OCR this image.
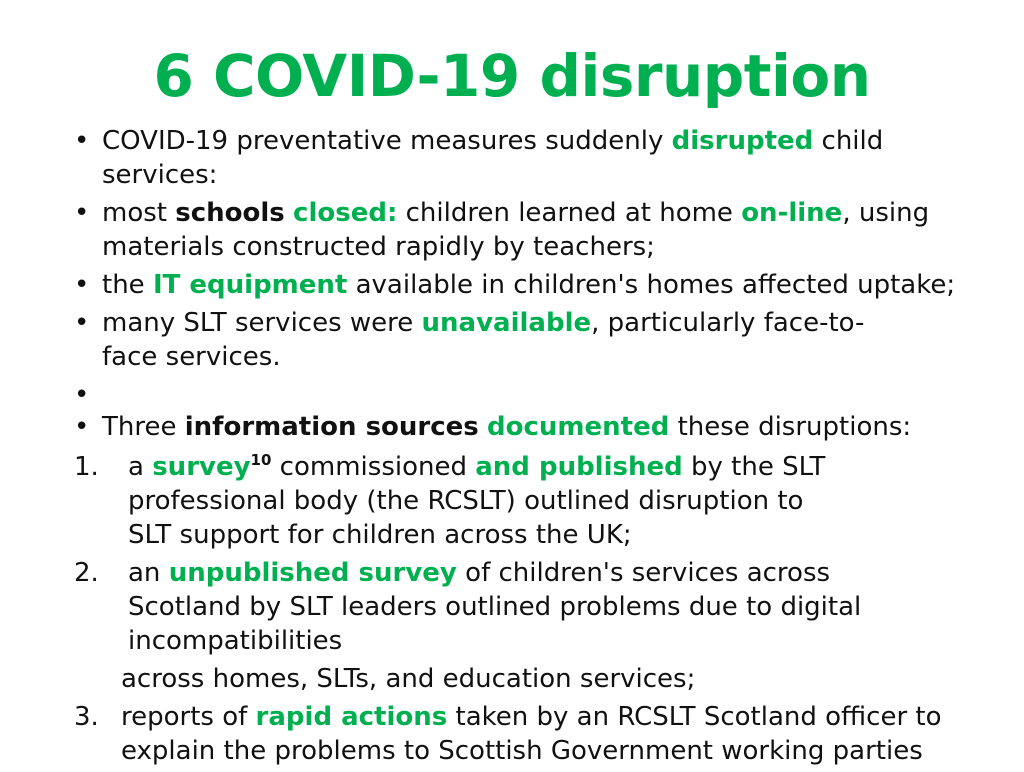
6 COVID-19 disruption
• COVID-19 preventative measures suddenly disrupted child services:
• most schools closed: children learned at home on-line, using materials constructed rapidly by teachers;
• the IT equipment available in children's homes affected uptake;
• many SLT services were unavailable, particularly face-to-face services.
•
• Three information sources documented these disruptions:
1. a survey$^{10}$ commissioned and published by the SLT professional body (the RCSLT) outlined disruption to SLT support for children across the UK;
2. an unpublished survey of children's services across Scotland by SLT leaders outlined problems due to digital incompatibilities
across homes, SLTs, and education services;
3. reports of rapid actions taken by an RCSLT Scotland officer to explain the problems to Scottish Government working parties
